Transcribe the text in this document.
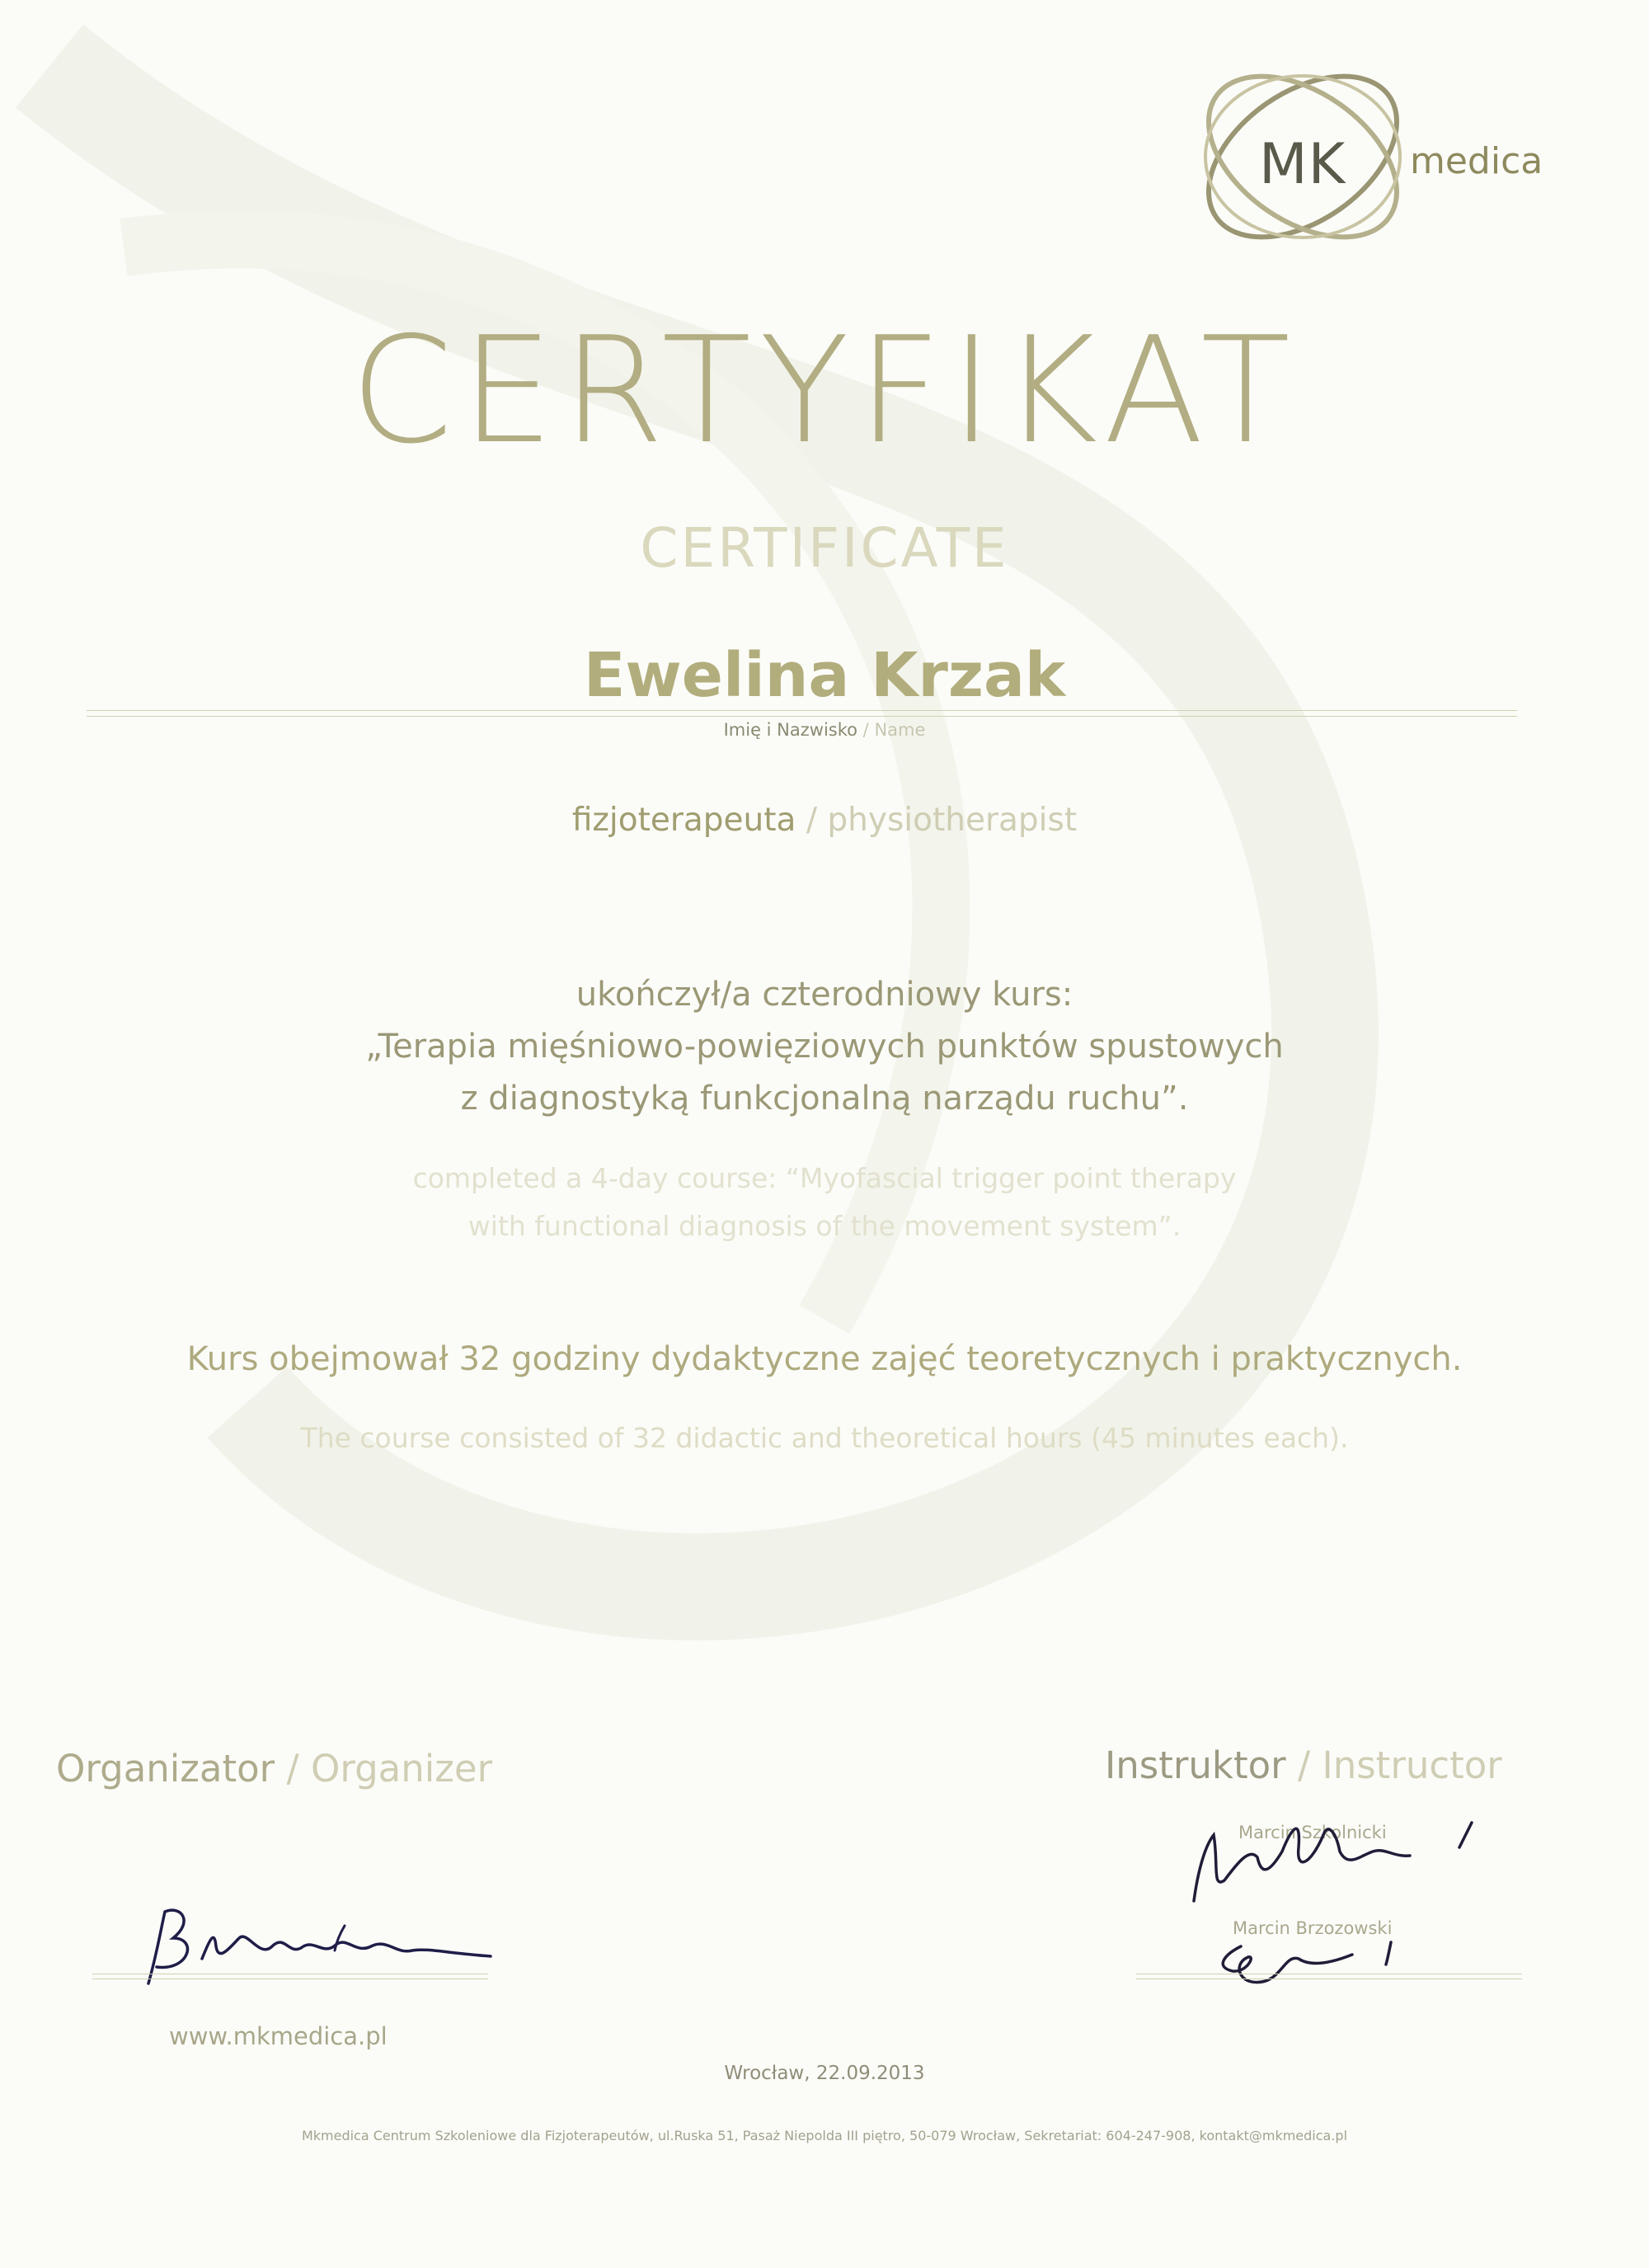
MK medica
CERTYFIKAT
CERTIFICATE
Ewelina Krzak
Imię i Nazwisko / Name
fizjoterapeuta / physiotherapist
ukończył/a czterodniowy kurs:
„Terapia mięśniowo-powięziowych punktów spustowych
z diagnostyką funkcjonalną narządu ruchu”.
completed a 4-day course: “Myofascial trigger point therapy
with functional diagnosis of the movement system”.
Kurs obejmował 32 godziny dydaktyczne zajęć teoretycznych i praktycznych.
The course consisted of 32 didactic and theoretical hours (45 minutes each).
Organizator / Organizer	Instruktor / Instructor
Marcin Szkolnicki
Marcin Brzozowski
www.mkmedica.pl
Wrocław, 22.09.2013
Mkmedica Centrum Szkoleniowe dla Fizjoterapeutów, ul.Ruska 51, Pasaż Niepolda III piętro, 50-079 Wrocław, Sekretariat: 604-247-908, kontakt@mkmedica.pl
